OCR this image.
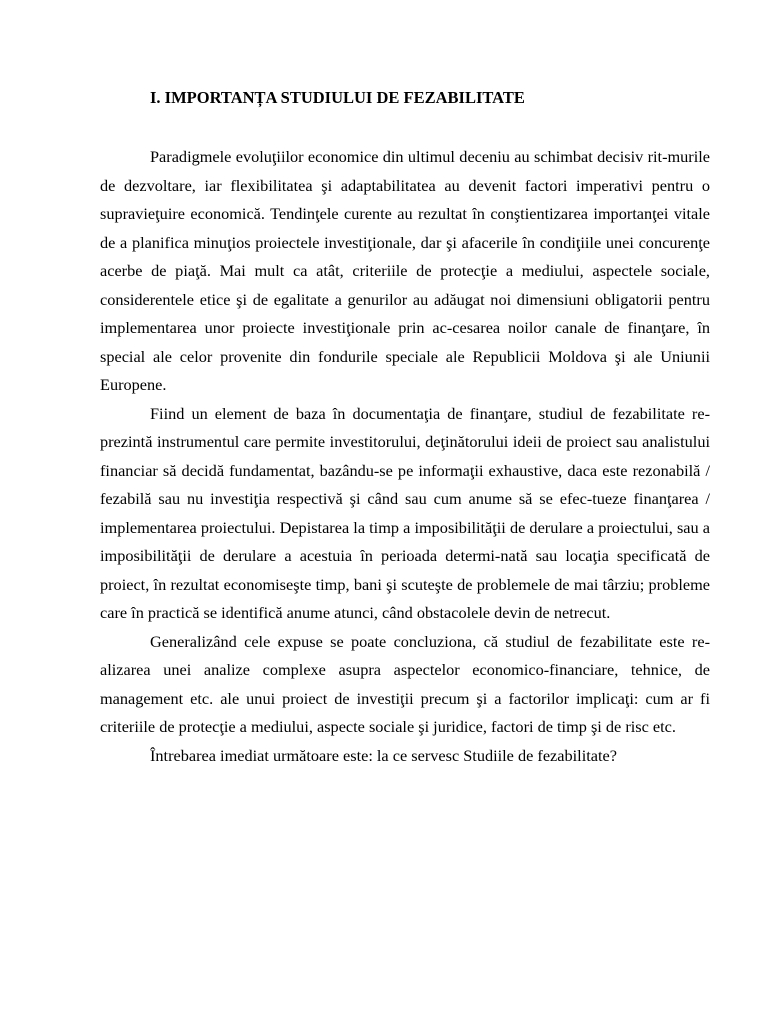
I. IMPORTANȚA STUDIULUI DE FEZABILITATE

Paradigmele evoluţiilor economice din ultimul deceniu au schimbat decisiv rit-murile de dezvoltare, iar flexibilitatea şi adaptabilitatea au devenit factori imperativi pentru o supravieţuire economică. Tendinţele curente au rezultat în conştientizarea importanţei vitale de a planifica minuţios proiectele investiţionale, dar şi afacerile în condiţiile unei concurenţe acerbe de piaţă. Mai mult ca atât, criteriile de protecţie a mediului, aspectele sociale, considerentele etice şi de egalitate a genurilor au adăugat noi dimensiuni obligatorii pentru implementarea unor proiecte investiţionale prin ac-cesarea noilor canale de finanţare, în special ale celor provenite din fondurile speciale ale Republicii Moldova şi ale Uniunii Europene.

Fiind un element de baza în documentaţia de finanţare, studiul de fezabilitate re-prezintă instrumentul care permite investitorului, deţinătorului ideii de proiect sau analistului financiar să decidă fundamentat, bazându-se pe informaţii exhaustive, daca este rezonabilă / fezabilă sau nu investiţia respectivă şi când sau cum anume să se efec-tueze finanţarea / implementarea proiectului. Depistarea la timp a imposibilităţii de derulare a proiectului, sau a imposibilităţii de derulare a acestuia în perioada determi-nată sau locaţia specificată de proiect, în rezultat economiseşte timp, bani şi scuteşte de problemele de mai târziu; probleme care în practică se identifică anume atunci, când obstacolele devin de netrecut.

Generalizând cele expuse se poate concluziona, că studiul de fezabilitate este re-alizarea unei analize complexe asupra aspectelor economico-financiare, tehnice, de management etc. ale unui proiect de investiţii precum şi a factorilor implicaţi: cum ar fi criteriile de protecţie a mediului, aspecte sociale şi juridice, factori de timp şi de risc etc.

Întrebarea imediat următoare este: la ce servesc Studiile de fezabilitate?
